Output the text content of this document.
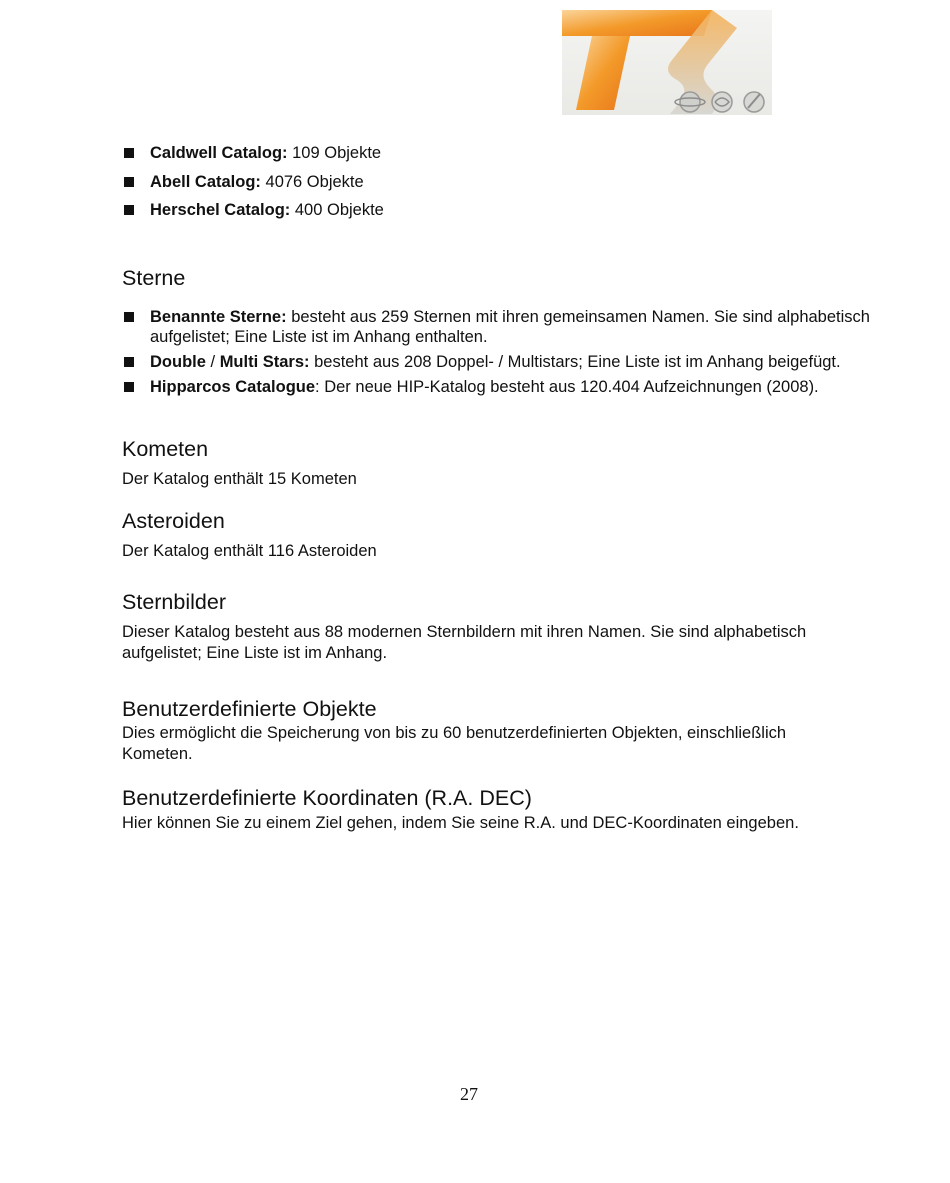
Caldwell Catalog: 109 Objekte
Abell Catalog: 4076 Objekte
Herschel Catalog: 400 Objekte
Sterne
Benannte Sterne: besteht aus 259 Sternen mit ihren gemeinsamen Namen. Sie sind alphabetisch aufgelistet; Eine Liste ist im Anhang enthalten.
Double / Multi Stars: besteht aus 208 Doppel- / Multistars; Eine Liste ist im Anhang beigefügt.
Hipparcos Catalogue: Der neue HIP-Katalog besteht aus 120.404 Aufzeichnungen (2008).
Kometen

Der Katalog enthält 15 Kometen

Asteroiden

Der Katalog enthält 116 Asteroiden

Sternbilder

Dieser Katalog besteht aus 88 modernen Sternbildern mit ihren Namen. Sie sind alphabetisch aufgelistet; Eine Liste ist im Anhang.

Benutzerdefinierte Objekte

Dies ermöglicht die Speicherung von bis zu 60 benutzerdefinierten Objekten, einschließlich Kometen.

Benutzerdefinierte Koordinaten (R.A. DEC)

Hier können Sie zu einem Ziel gehen, indem Sie seine R.A. und DEC-Koordinaten eingeben.

27
